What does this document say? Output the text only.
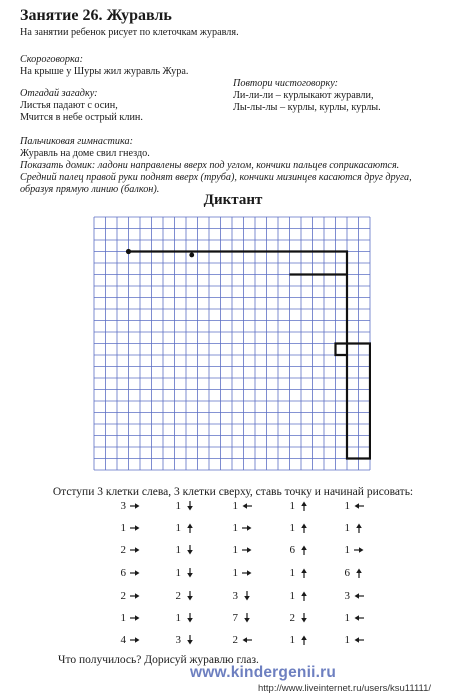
Занятие 26. Журавль
На занятии ребенок рисует по клеточкам журавля.
Скороговорка:
На крыше у Шуры жил журавль Жура.
Отгадай загадку:
Листья падают с осин,
Мчится в небе острый клин.
Повтори чистоговорку:
Ли-ли-ли – курлыкают журавли,
Лы-лы-лы – курлы, курлы, курлы.
Пальчиковая гимнастика:
Журавль на доме свил гнездо.
Показать домик: ладони направлены вверх под углом, кончики пальцев соприкасаются.
Средний палец правой руки поднят вверх (труба), кончики мизинцев касаются друг друга,
образуя прямую линию (балкон).
Диктант
Отступи 3 клетки слева, 3 клетки сверху, ставь точку и начинай рисовать:
3
1
2
6
2
1
4
1
1
1
1
2
1
3
1
1
1
1
3
7
2
1
1
6
1
1
2
1
1
1
1
6
3
1
1
Что получилось? Дорисуй журавлю глаз.
www.kindergenii.ru
http://www.liveinternet.ru/users/ksu11111/
